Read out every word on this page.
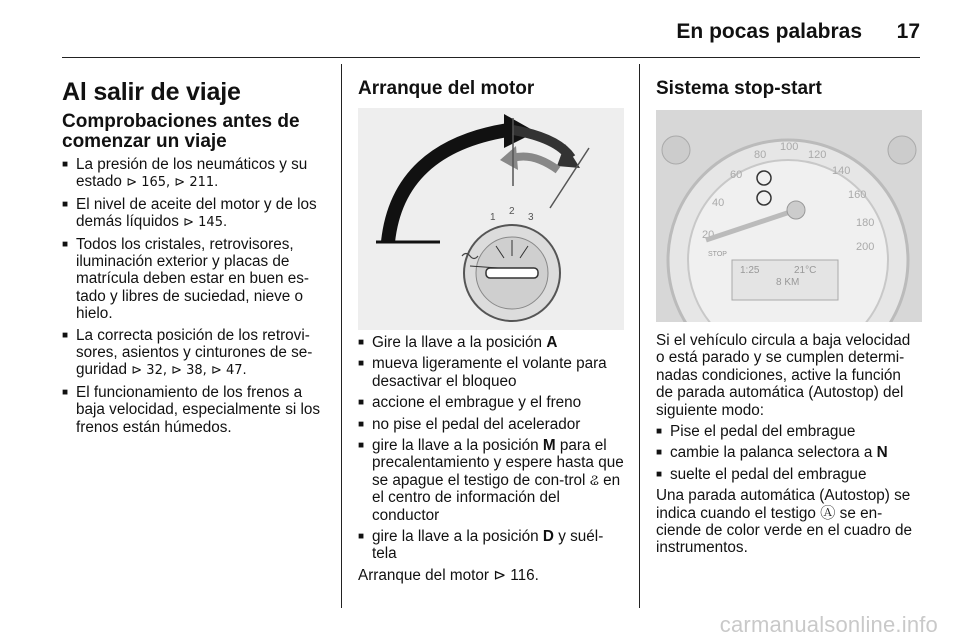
En pocas palabras 17
Al salir de viaje
Comprobaciones antes de comenzar un viaje
■ La presión de los neumáticos y su estado ⊳ 165, ⊳ 211.
■ El nivel de aceite del motor y de los demás líquidos ⊳ 145.
■ Todos los cristales, retrovisores, iluminación exterior y placas de matrícula deben estar en buen es-tado y libres de suciedad, nieve o hielo.
■ La correcta posición de los retrovi-sores, asientos y cinturones de se-guridad ⊳ 32, ⊳ 38, ⊳ 47.
■ El funcionamiento de los frenos a baja velocidad, especialmente si los frenos están húmedos.
Arranque del motor
1
2
3
■ Gire la llave a la posición A
■ mueva ligeramente el volante para desactivar el bloqueo
■ accione el embrague y el freno
■ no pise el pedal del acelerador
■ gire la llave a la posición M para el precalentamiento y espere hasta que se apague el testigo de con-trol ଌ en el centro de información del conductor
■ gire la llave a la posición D y suél-tela

Arranque del motor ⊳ 116.

Sistema stop-start
20
40
60
80
100
120
140
160
180
200
1:25	21°C
8 KM
STOP

Si el vehículo circula a baja velocidad o está parado y se cumplen determi-nadas condiciones, active la función de parada automática (Autostop) del siguiente modo:

■ Pise el pedal del embrague
■ cambie la palanca selectora a N
■ suelte el pedal del embrague

Una parada automática (Autostop) se indica cuando el testigo Ⓐ se en-ciende de color verde en el cuadro de instrumentos.

carmanualsonline.info
